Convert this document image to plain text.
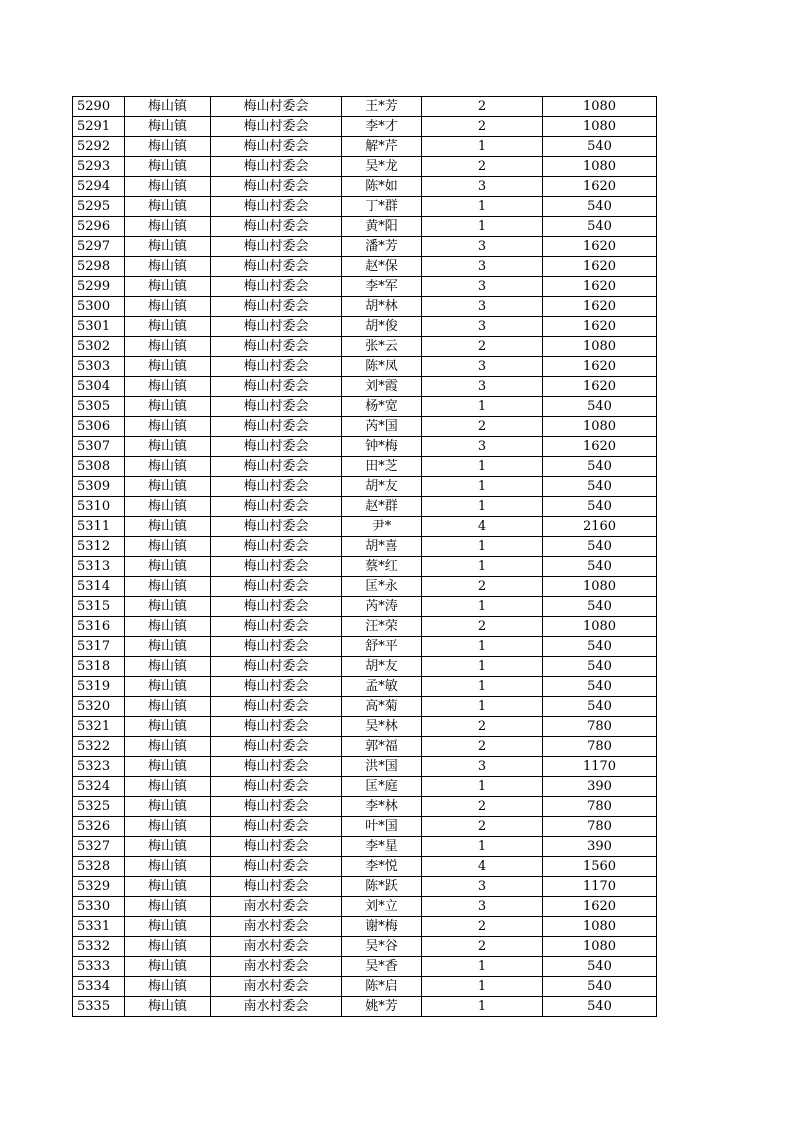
5290	梅山镇	梅山村委会	王*芳	2	1080
5291	梅山镇	梅山村委会	李*才	2	1080
5292	梅山镇	梅山村委会	解*芹	1	540
5293	梅山镇	梅山村委会	吴*龙	2	1080
5294	梅山镇	梅山村委会	陈*如	3	1620
5295	梅山镇	梅山村委会	丁*群	1	540
5296	梅山镇	梅山村委会	黄*阳	1	540
5297	梅山镇	梅山村委会	潘*芳	3	1620
5298	梅山镇	梅山村委会	赵*保	3	1620
5299	梅山镇	梅山村委会	李*军	3	1620
5300	梅山镇	梅山村委会	胡*林	3	1620
5301	梅山镇	梅山村委会	胡*俊	3	1620
5302	梅山镇	梅山村委会	张*云	2	1080
5303	梅山镇	梅山村委会	陈*凤	3	1620
5304	梅山镇	梅山村委会	刘*霞	3	1620
5305	梅山镇	梅山村委会	杨*宽	1	540
5306	梅山镇	梅山村委会	芮*国	2	1080
5307	梅山镇	梅山村委会	钟*梅	3	1620
5308	梅山镇	梅山村委会	田*芝	1	540
5309	梅山镇	梅山村委会	胡*友	1	540
5310	梅山镇	梅山村委会	赵*群	1	540
5311	梅山镇	梅山村委会	尹*	4	2160
5312	梅山镇	梅山村委会	胡*喜	1	540
5313	梅山镇	梅山村委会	蔡*红	1	540
5314	梅山镇	梅山村委会	匡*永	2	1080
5315	梅山镇	梅山村委会	芮*涛	1	540
5316	梅山镇	梅山村委会	汪*荣	2	1080
5317	梅山镇	梅山村委会	舒*平	1	540
5318	梅山镇	梅山村委会	胡*友	1	540
5319	梅山镇	梅山村委会	孟*敏	1	540
5320	梅山镇	梅山村委会	高*菊	1	540
5321	梅山镇	梅山村委会	吴*林	2	780
5322	梅山镇	梅山村委会	郭*福	2	780
5323	梅山镇	梅山村委会	洪*国	3	1170
5324	梅山镇	梅山村委会	匡*庭	1	390
5325	梅山镇	梅山村委会	李*林	2	780
5326	梅山镇	梅山村委会	叶*国	2	780
5327	梅山镇	梅山村委会	李*星	1	390
5328	梅山镇	梅山村委会	李*悦	4	1560
5329	梅山镇	梅山村委会	陈*跃	3	1170
5330	梅山镇	南水村委会	刘*立	3	1620
5331	梅山镇	南水村委会	谢*梅	2	1080
5332	梅山镇	南水村委会	吴*谷	2	1080
5333	梅山镇	南水村委会	吴*香	1	540
5334	梅山镇	南水村委会	陈*启	1	540
5335	梅山镇	南水村委会	姚*芳	1	540
